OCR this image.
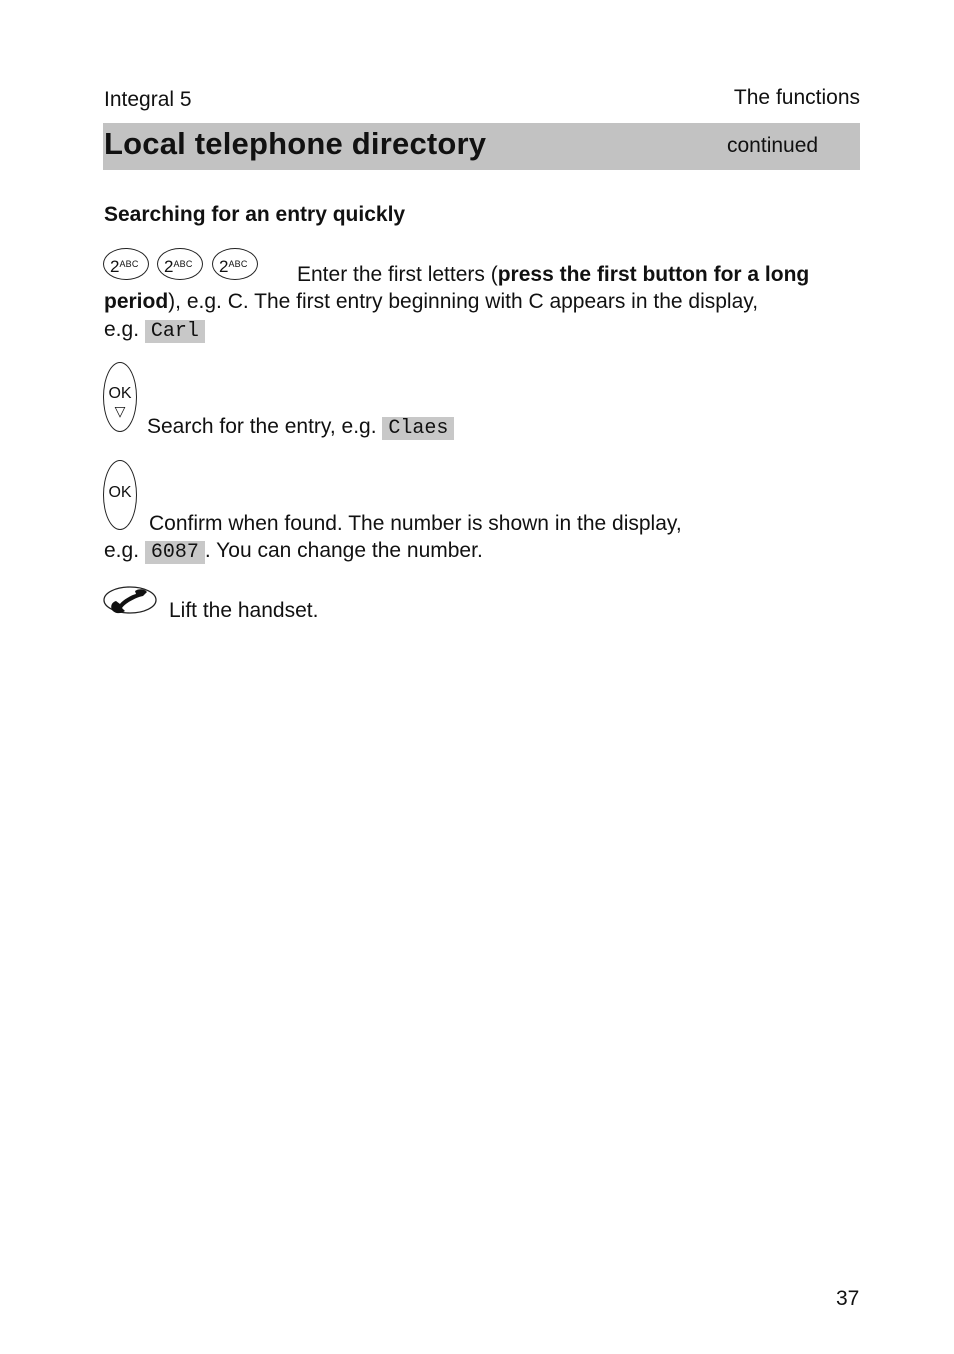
Integral 5	The functions
Local telephone directory	continued
Searching for an entry quickly
$2^{ABC}$	$2^{ABC}$	$2^{ABC}$	Enter the first letters (press the first button for a long
period), e.g. C. The first entry beginning with C appears in the display,
e.g. Carl
OK
▽
Search for the entry, e.g. Claes
OK
Confirm when found. The number is shown in the display,
e.g. 6087 . You can change the number.
Lift the handset.
37
